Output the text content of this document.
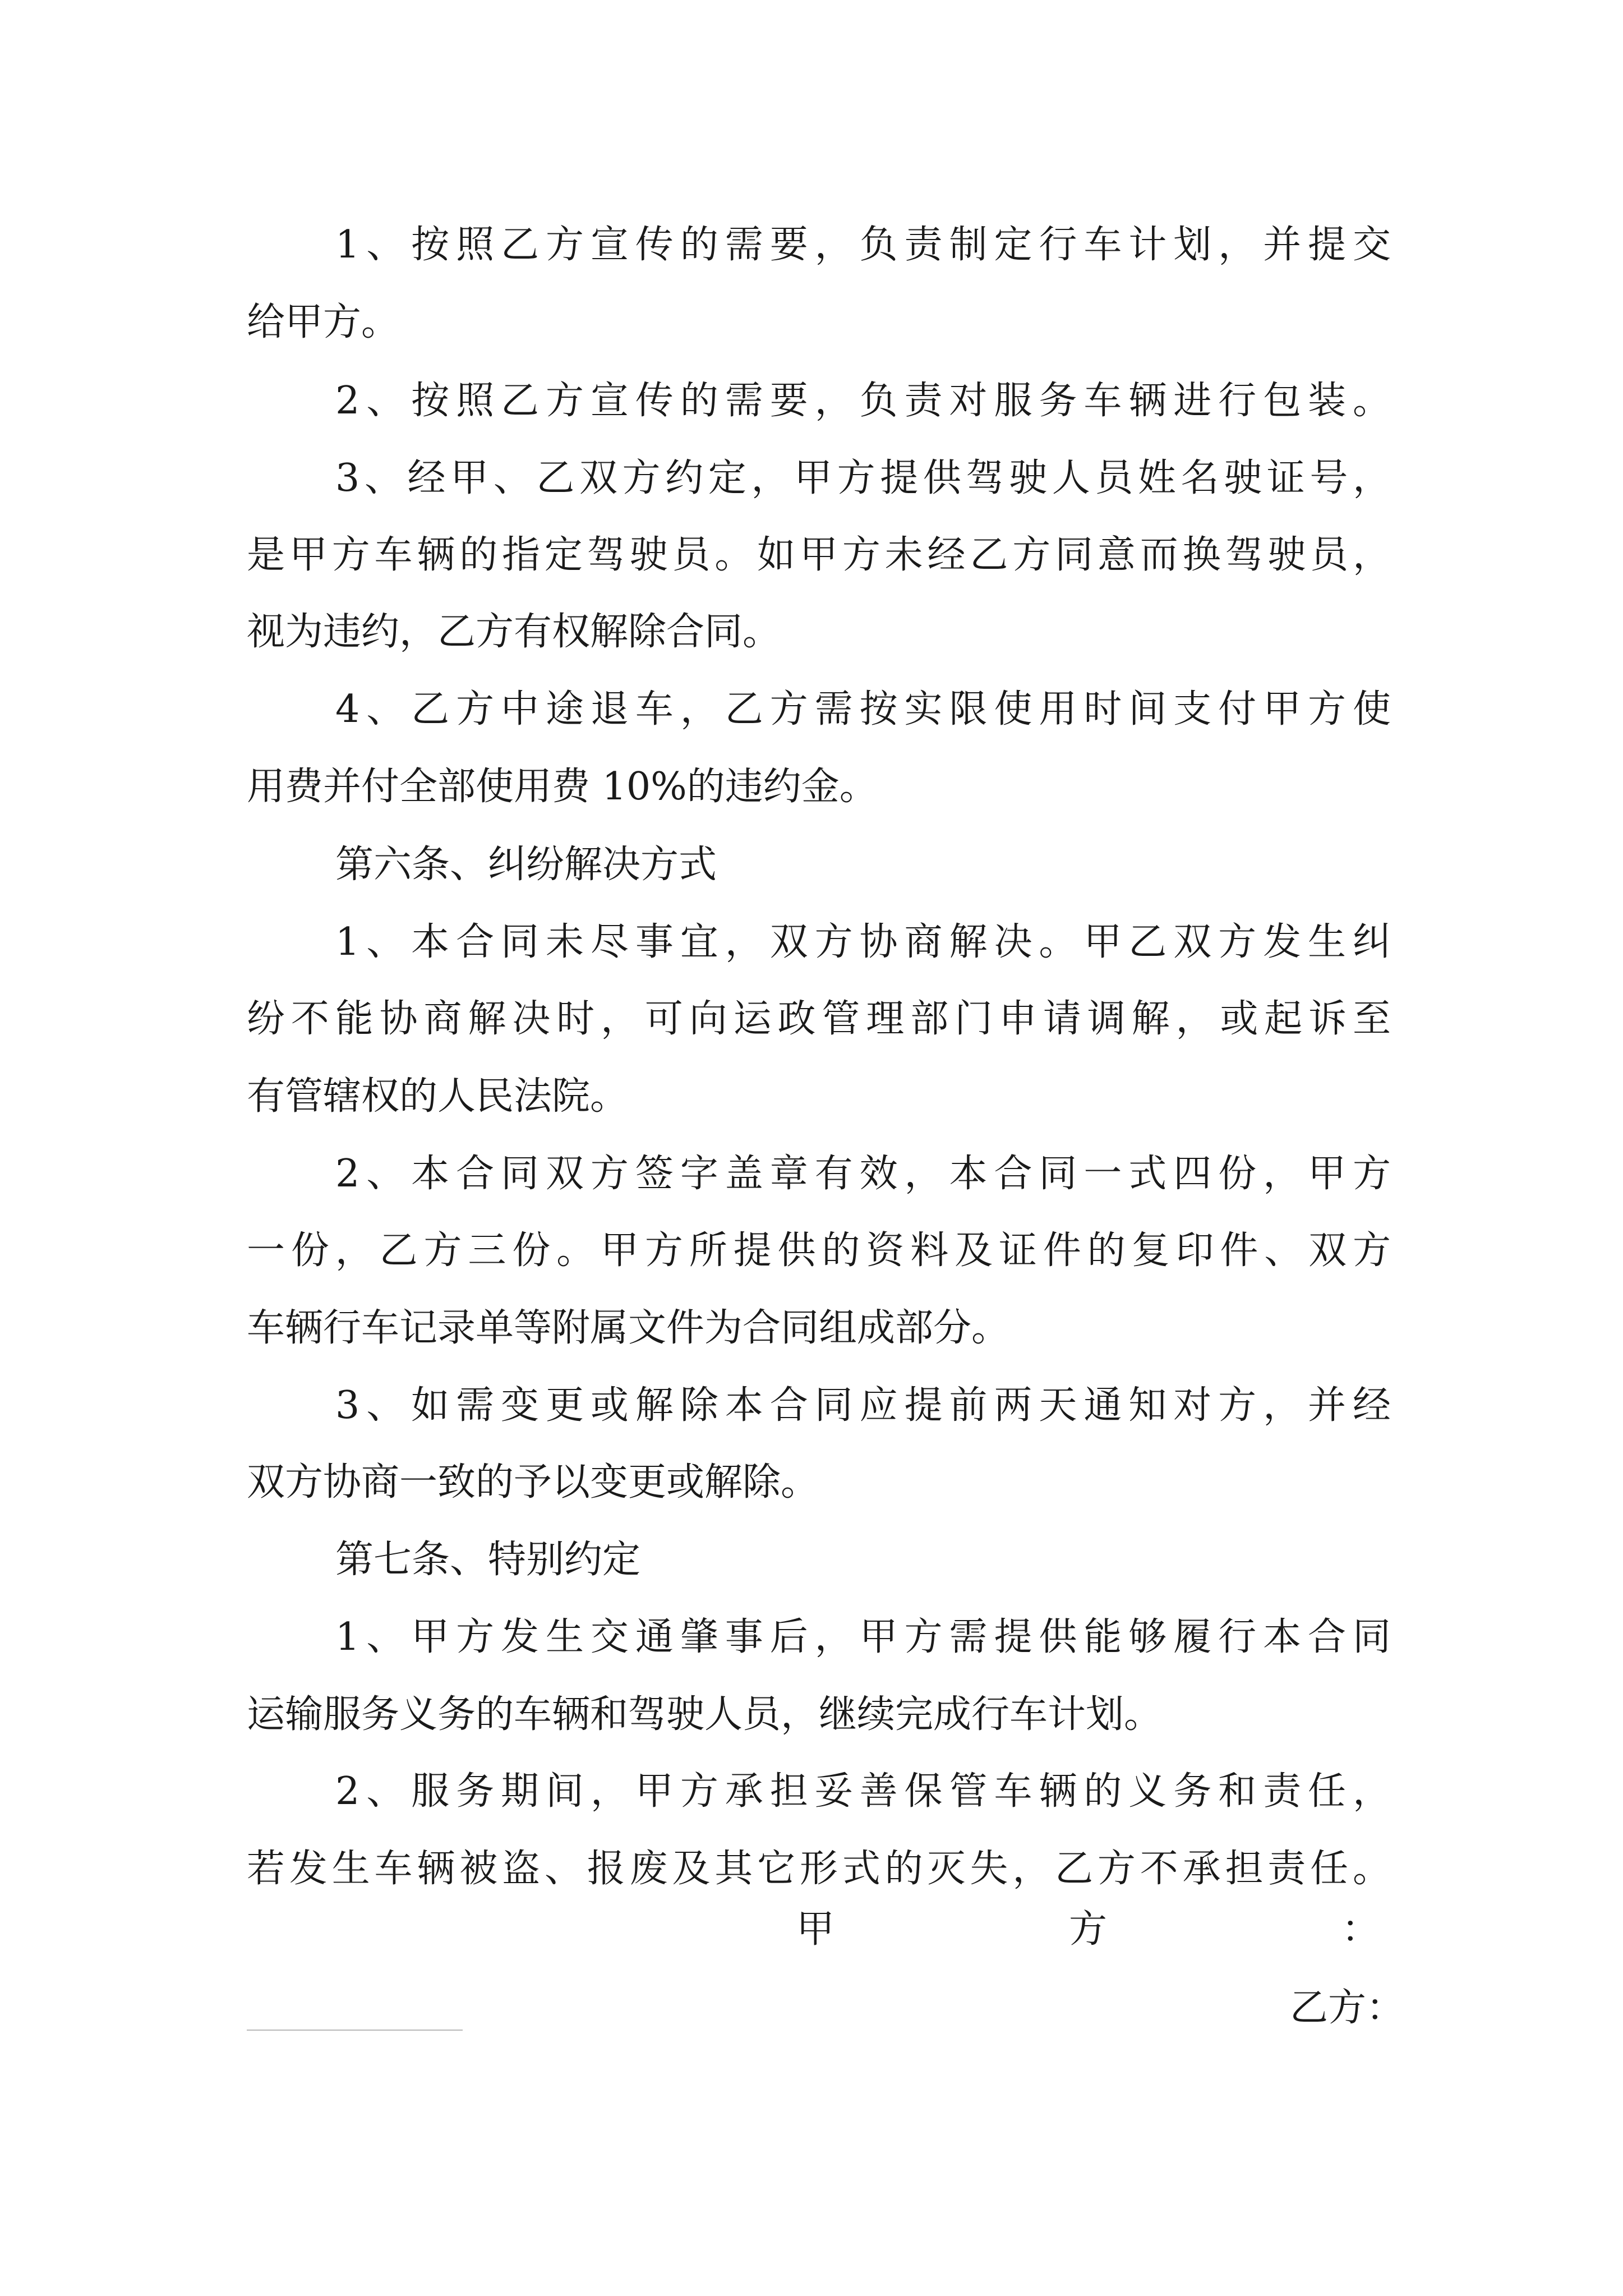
1、按照乙方宣传的需要，负责制定行车计划，并提交
给甲方。
2、按照乙方宣传的需要，负责对服务车辆进行包装。
3、经甲、乙双方约定，甲方提供驾驶人员姓名驶证号，
是甲方车辆的指定驾驶员。如甲方未经乙方同意而换驾驶员，
视为违约，乙方有权解除合同。
4、乙方中途退车，乙方需按实限使用时间支付甲方使
用费并付全部使用费 10%的违约金。
第六条、纠纷解决方式
1、本合同未尽事宜，双方协商解决。甲乙双方发生纠
纷不能协商解决时，可向运政管理部门申请调解，或起诉至
有管辖权的人民法院。
2、本合同双方签字盖章有效，本合同一式四份，甲方
一份，乙方三份。甲方所提供的资料及证件的复印件、双方
车辆行车记录单等附属文件为合同组成部分。
3、如需变更或解除本合同应提前两天通知对方，并经
双方协商一致的予以变更或解除。
第七条、特别约定
1、甲方发生交通肇事后，甲方需提供能够履行本合同
运输服务义务的车辆和驾驶人员，继续完成行车计划。
2、服务期间，甲方承担妥善保管车辆的义务和责任，
若发生车辆被盗、报废及其它形式的灭失，乙方不承担责任。
甲方：
乙方：
